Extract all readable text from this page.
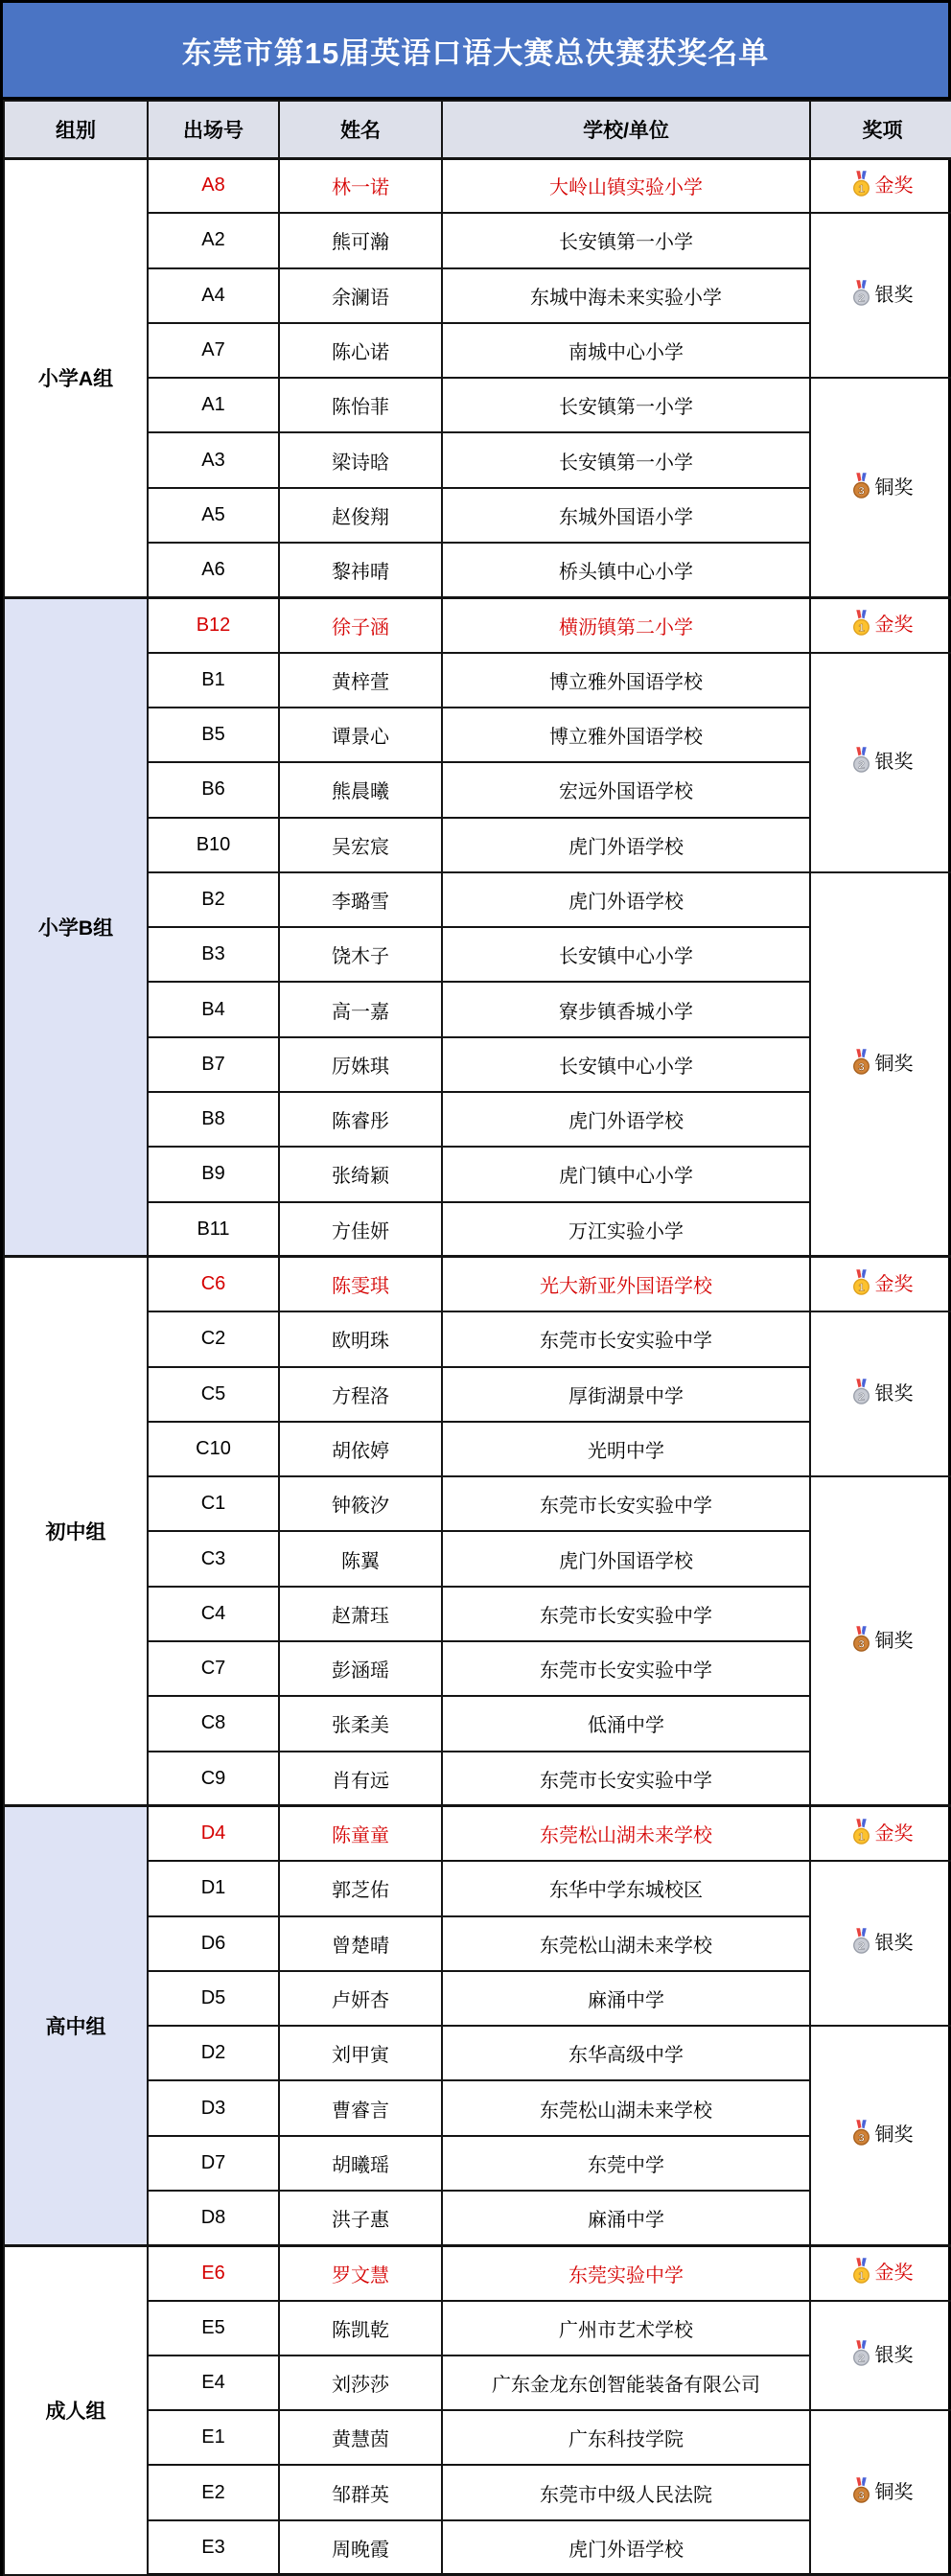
东莞市第15届英语口语大赛总决赛获奖名单
组别	出场号	姓名	学校/单位	奖项
小学A组	A8	林一诺	大岭山镇实验小学	1 金奖

	A2	熊可瀚	长安镇第一小学	2 银奖

	A4	余澜语	东城中海未来实验小学	
	A7	陈心诺	南城中心小学	
	A1	陈怡菲	长安镇第一小学	3 铜奖

	A3	梁诗晗	长安镇第一小学	
	A5	赵俊翔	东城外国语小学	
	A6	黎祎晴	桥头镇中心小学	
小学B组	B12	徐子涵	横沥镇第二小学	1 金奖

	B1	黄梓萱	博立雅外国语学校	2 银奖

	B5	谭景心	博立雅外国语学校	
	B6	熊晨曦	宏远外国语学校	
	B10	吴宏宸	虎门外语学校	
	B2	李璐雪	虎门外语学校	3 铜奖

	B3	饶木子	长安镇中心小学	
	B4	高一嘉	寮步镇香城小学	
	B7	厉姝琪	长安镇中心小学	
	B8	陈睿彤	虎门外语学校	
	B9	张绮颖	虎门镇中心小学	
	B11	方佳妍	万江实验小学	
初中组	C6	陈雯琪	光大新亚外国语学校	1 金奖

	C2	欧明珠	东莞市长安实验中学	2 银奖

	C5	方程洛	厚街湖景中学	
	C10	胡依婷	光明中学	
	C1	钟筱汐	东莞市长安实验中学	3 铜奖

	C3	陈翼	虎门外国语学校	
	C4	赵萧珏	东莞市长安实验中学	
	C7	彭涵瑶	东莞市长安实验中学	
	C8	张柔美	低涌中学	
	C9	肖有远	东莞市长安实验中学	
高中组	D4	陈童童	东莞松山湖未来学校	1 金奖

	D1	郭芝佑	东华中学东城校区	2 银奖

	D6	曾楚晴	东莞松山湖未来学校	
	D5	卢妍杏	麻涌中学	
	D2	刘甲寅	东华高级中学	3 铜奖

	D3	曹睿言	东莞松山湖未来学校	
	D7	胡曦瑶	东莞中学	
	D8	洪子惠	麻涌中学	
成人组	E6	罗文慧	东莞实验中学	1 金奖

	E5	陈凯乾	广州市艺术学校	2 银奖

	E4	刘莎莎	广东金龙东创智能装备有限公司	
	E1	黄慧茵	广东科技学院	3 铜奖

	E2	邹群英	东莞市中级人民法院	
	E3	周晚霞	虎门外语学校	
